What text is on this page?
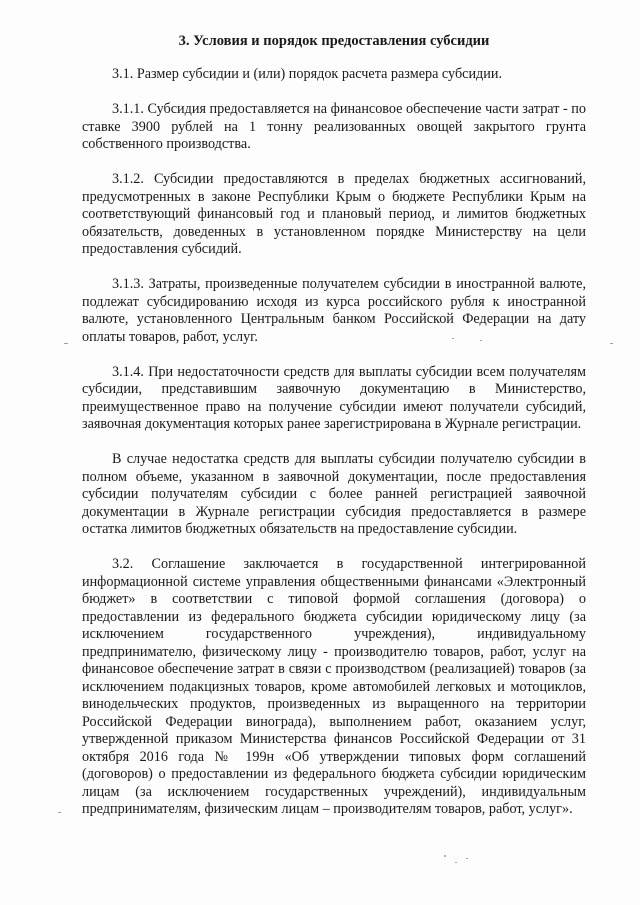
3. Условия и порядок предоставления субсидии

3.1. Размер субсидии и (или) порядок расчета размера субсидии.

3.1.1. Субсидия предоставляется на финансовое обеспечение части затрат - по ставке 3900 рублей на 1 тонну реализованных овощей закрытого грунта собственного производства.

3.1.2. Субсидии предоставляются в пределах бюджетных ассигнований, предусмотренных в законе Республики Крым о бюджете Республики Крым на соответствующий финансовый год и плановый период, и лимитов бюджетных обязательств, доведенных в установленном порядке Министерству на цели предоставления субсидий.

3.1.3. Затраты, произведенные получателем субсидии в иностранной валюте, подлежат субсидированию исходя из курса российского рубля к иностранной валюте, установленного Центральным банком Российской Федерации на дату оплаты товаров, работ, услуг.

3.1.4. При недостаточности средств для выплаты субсидии всем получателям субсидии, представившим заявочную документацию в Министерство, преимущественное право на получение субсидии имеют получатели субсидий, заявочная документация которых ранее зарегистрирована в Журнале регистрации.

В случае недостатка средств для выплаты субсидии получателю субсидии в полном объеме, указанном в заявочной документации, после предоставления субсидии получателям субсидии с более ранней регистрацией заявочной документации в Журнале регистрации субсидия предоставляется в размере остатка лимитов бюджетных обязательств на предоставление субсидии.

3.2. Соглашение заключается в государственной интегрированной информационной системе управления общественными финансами «Электронный бюджет» в соответствии с типовой формой соглашения (договора) о предоставлении из федерального бюджета субсидии юридическому лицу (за исключением государственного учреждения), индивидуальному предпринимателю, физическому лицу - производителю товаров, работ, услуг на финансовое обеспечение затрат в связи с производством (реализацией) товаров (за исключением подакцизных товаров, кроме автомобилей легковых и мотоциклов, винодельческих продуктов, произведенных из выращенного на территории Российской Федерации винограда), выполнением работ, оказанием услуг, утвержденной приказом Министерства финансов Российской Федерации от 31 октября 2016 года № 199н «Об утверждении типовых форм соглашений (договоров) о предоставлении из федерального бюджета субсидии юридическим лицам (за исключением государственных учреждений), индивидуальным предпринимателям, физическим лицам – производителям товаров, работ, услуг».
